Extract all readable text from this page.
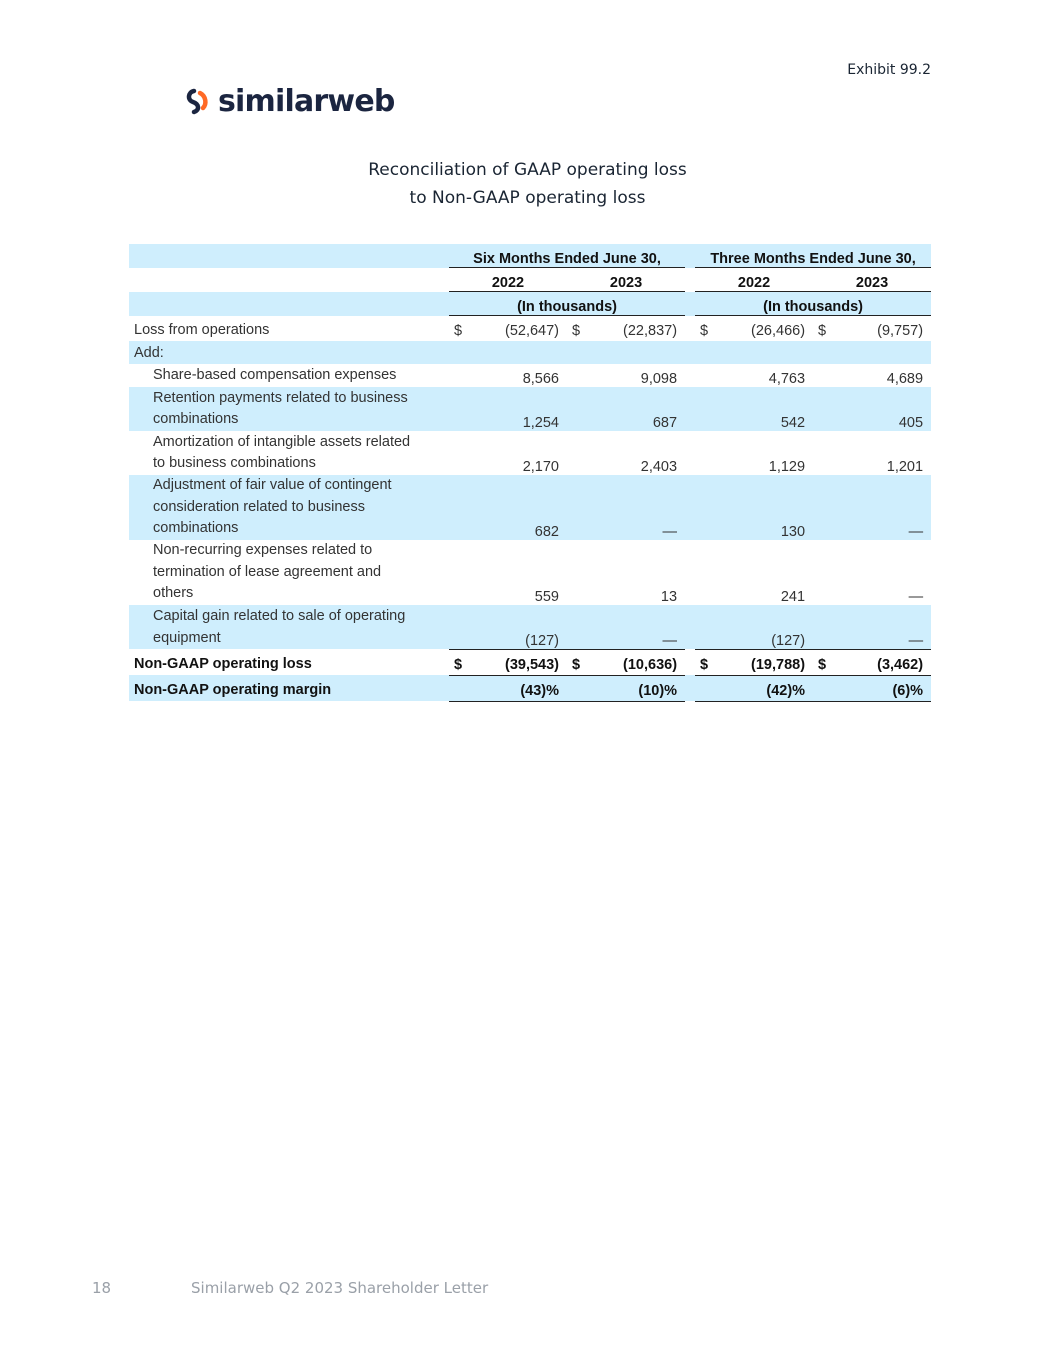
Exhibit 99.2
similarweb
Reconciliation of GAAP operating loss
to Non-GAAP operating loss
	Six Months Ended June 30,					Three Months Ended June 30,			
	2022		2023			2022		2023	
	(In thousands)					(In thousands)			
Loss from operations	$	(52,647)	$	(22,837)		$	(26,466)	$	(9,757)
Add:									
Share-based compensation expenses		8,566		9,098			4,763		4,689

Retention payments related to business
combinations		1,254		687			542		405

Amortization of intangible assets related
to business combinations		2,170		2,403			1,129		1,201

Adjustment of fair value of contingent
consideration related to business
combinations		682		—			130		—

Non-recurring expenses related to
termination of lease agreement and
others		559		13			241		—

Capital gain related to sale of operating
equipment		(127)		—			(127)		—
Non-GAAP operating loss	$	(39,543)	$	(10,636)		$	(19,788)	$	(3,462)
Non-GAAP operating margin		(43)%		(10)%			(42)%		(6)%
18	Similarweb Q2 2023 Shareholder Letter
